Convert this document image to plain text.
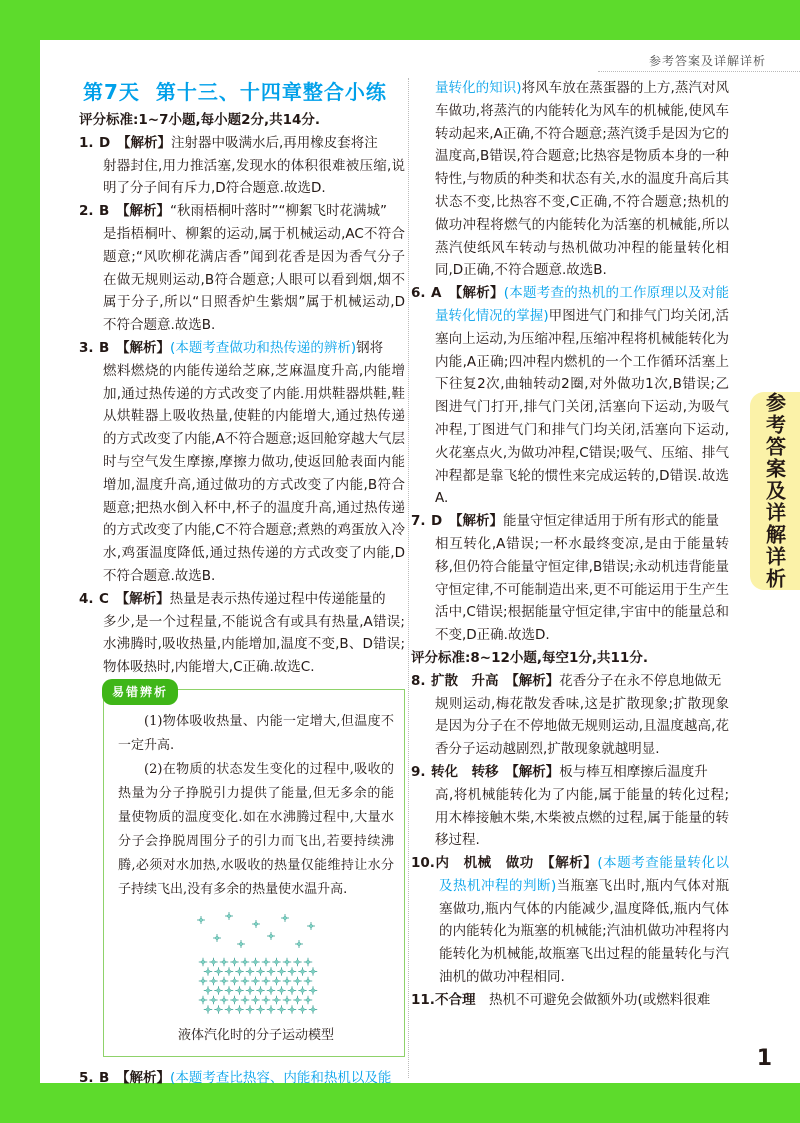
参考答案及详解详析
参考答案及详解详析
第7天 第十三、十四章整合小练

评分标准:1~7小题,每小题2分,共14分.

1. D　 【解析】注射器中吸满水后,再用橡皮套将注

射器封住,用力推活塞,发现水的体积很难被压缩,说明了分子间有斥力,D符合题意.故选D.

2. B　 【解析】“秋雨梧桐叶落时”“柳絮飞时花满城”

是指梧桐叶、柳絮的运动,属于机械运动,AC不符合题意;“风吹柳花满店香”闻到花香是因为香气分子在做无规则运动,B符合题意;人眼可以看到烟,烟不属于分子,所以“日照香炉生紫烟”属于机械运动,D不符合题意.故选B.

3. B　 【解析】(本题考查做功和热传递的辨析)钢将

燃料燃烧的内能传递给芝麻,芝麻温度升高,内能增加,通过热传递的方式改变了内能.用烘鞋器烘鞋,鞋从烘鞋器上吸收热量,使鞋的内能增大,通过热传递的方式改变了内能,A不符合题意;返回舱穿越大气层时与空气发生摩擦,摩擦力做功,使返回舱表面内能增加,温度升高,通过做功的方式改变了内能,B符合题意;把热水倒入杯中,杯子的温度升高,通过热传递的方式改变了内能,C不符合题意;煮熟的鸡蛋放入冷水,鸡蛋温度降低,通过热传递的方式改变了内能,D不符合题意.故选B.

4. C　 【解析】热量是表示热传递过程中传递能量的

多少,是一个过程量,不能说含有或具有热量,A错误;水沸腾时,吸收热量,内能增加,温度不变,B、D错误;物体吸热时,内能增大,C正确.故选C.

易错辨析

(1)物体吸收热量、内能一定增大,但温度不一定升高.

(2)在物质的状态发生变化的过程中,吸收的热量为分子挣脱引力提供了能量,但无多余的能量使物质的温度变化.如在水沸腾过程中,大量水分子会挣脱周围分子的引力而飞出,若要持续沸腾,必须对水加热,水吸收的热量仅能维持让水分子持续飞出,没有多余的热量使水温升高.

液体汽化时的分子运动模型

5. B　 【解析】(本题考查比热容、内能和热机以及能

量转化的知识)将风车放在蒸蛋器的上方,蒸汽对风车做功,将蒸汽的内能转化为风车的机械能,使风车转动起来,A正确,不符合题意;蒸汽烫手是因为它的温度高,B错误,符合题意;比热容是物质本身的一种特性,与物质的种类和状态有关,水的温度升高后其状态不变,比热容不变,C正确,不符合题意;热机的做功冲程将燃气的内能转化为活塞的机械能,所以蒸汽使纸风车转动与热机做功冲程的能量转化相同,D正确,不符合题意.故选B.

6. A　 【解析】(本题考查的热机的工作原理以及对能量转化情况的掌握)甲图进气门和排气门均关闭,活塞向上运动,为压缩冲程,压缩冲程将机械能转化为内能,A正确;四冲程内燃机的一个工作循环活塞上下往复2次,曲轴转动2圈,对外做功1次,B错误;乙图进气门打开,排气门关闭,活塞向下运动,为吸气冲程,丁图进气门和排气门均关闭,活塞向下运动,火花塞点火,为做功冲程,C错误;吸气、压缩、排气冲程都是靠飞轮的惯性来完成运转的,D错误.故选A.

7. D　 【解析】能量守恒定律适用于所有形式的能量

相互转化,A错误;一杯水最终变凉,是由于能量转移,但仍符合能量守恒定律,B错误;永动机违背能量守恒定律,不可能制造出来,更不可能运用于生产生活中,C错误;根据能量守恒定律,宇宙中的能量总和不变,D正确.故选D.

评分标准:8~12小题,每空1分,共11分.

8. 扩散　升高　 【解析】花香分子在永不停息地做无

规则运动,梅花散发香味,这是扩散现象;扩散现象是因为分子在不停地做无规则运动,且温度越高,花香分子运动越剧烈,扩散现象就越明显.

9. 转化　转移　 【解析】板与棒互相摩擦后温度升

高,将机械能转化为了内能,属于能量的转化过程;用木棒接触木柴,木柴被点燃的过程,属于能量的转移过程.

10.内　机械　做功　 【解析】(本题考查能量转化以及热机冲程的判断)当瓶塞飞出时,瓶内气体对瓶塞做功,瓶内气体的内能减少,温度降低,瓶内气体的内能转化为瓶塞的机械能;汽油机做功冲程将内能转化为机械能,故瓶塞飞出过程的能量转化与汽油机的做功冲程相同.

11.不合理　 热机不可避免会做额外功(或燃料很难

1
